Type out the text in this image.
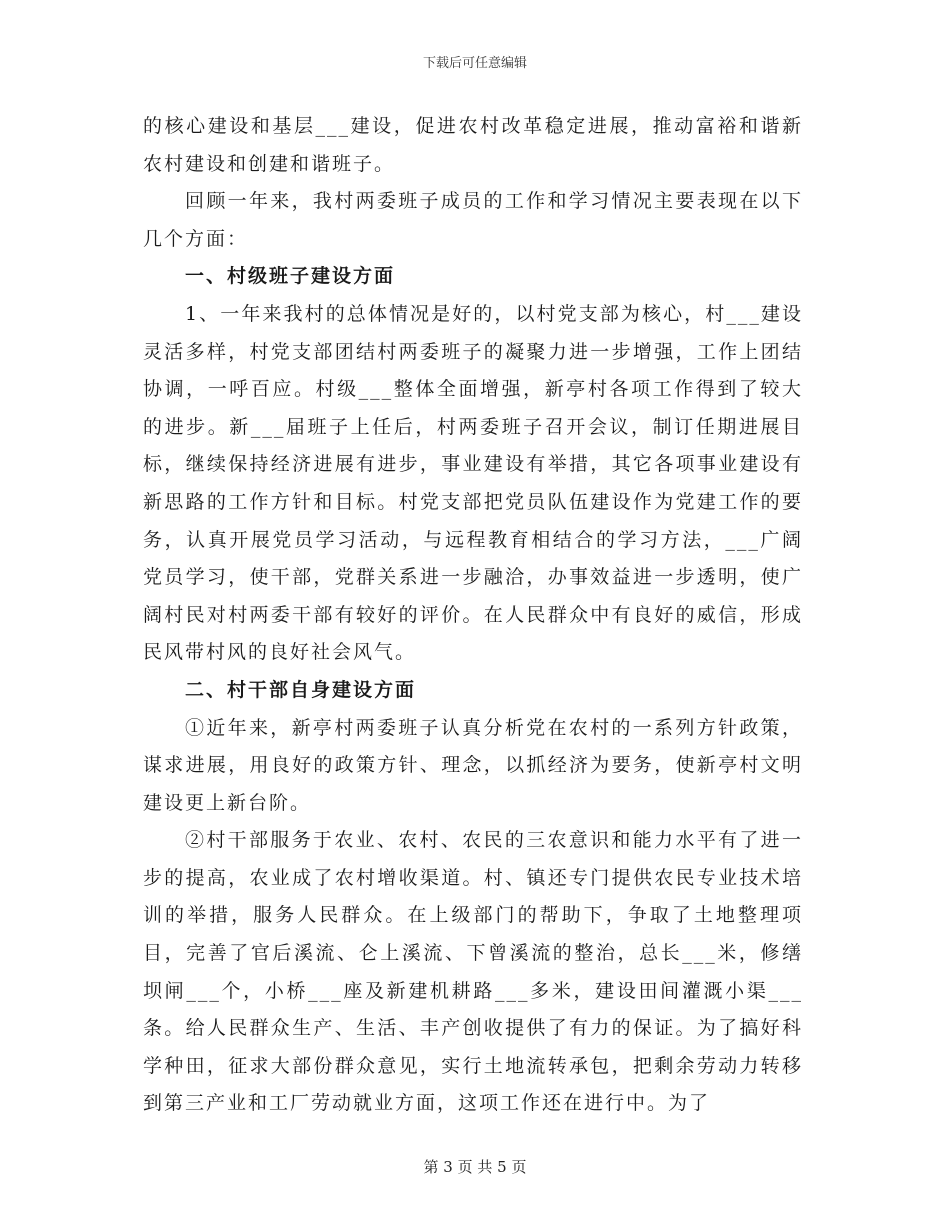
下载后可任意编辑

的核心建设和基层___建设，促进农村改革稳定进展，推动富裕和谐新农村建设和创建和谐班子。

回顾一年来，我村两委班子成员的工作和学习情况主要表现在以下几个方面：

一、村级班子建设方面

1、一年来我村的总体情况是好的，以村党支部为核心，村___建设灵活多样，村党支部团结村两委班子的凝聚力进一步增强，工作上团结协调，一呼百应。村级___整体全面增强，新亭村各项工作得到了较大的进步。新___届班子上任后，村两委班子召开会议，制订任期进展目标，继续保持经济进展有进步，事业建设有举措，其它各项事业建设有新思路的工作方针和目标。村党支部把党员队伍建设作为党建工作的要务，认真开展党员学习活动，与远程教育相结合的学习方法，___广阔党员学习，使干部，党群关系进一步融洽，办事效益进一步透明，使广阔村民对村两委干部有较好的评价。在人民群众中有良好的威信，形成民风带村风的良好社会风气。

二、村干部自身建设方面

①近年来，新亭村两委班子认真分析党在农村的一系列方针政策，谋求进展，用良好的政策方针、理念，以抓经济为要务，使新亭村文明建设更上新台阶。

②村干部服务于农业、农村、农民的三农意识和能力水平有了进一步的提高，农业成了农村增收渠道。村、镇还专门提供农民专业技术培训的举措，服务人民群众。在上级部门的帮助下，争取了土地整理项目，完善了官后溪流、仑上溪流、下曾溪流的整治，总长___米，修缮坝闸___个，小桥___座及新建机耕路___多米，建设田间灌溉小渠___条。给人民群众生产、生活、丰产创收提供了有力的保证。为了搞好科学种田，征求大部份群众意见，实行土地流转承包，把剩余劳动力转移到第三产业和工厂劳动就业方面，这项工作还在进行中。为了

第 3 页 共 5 页
